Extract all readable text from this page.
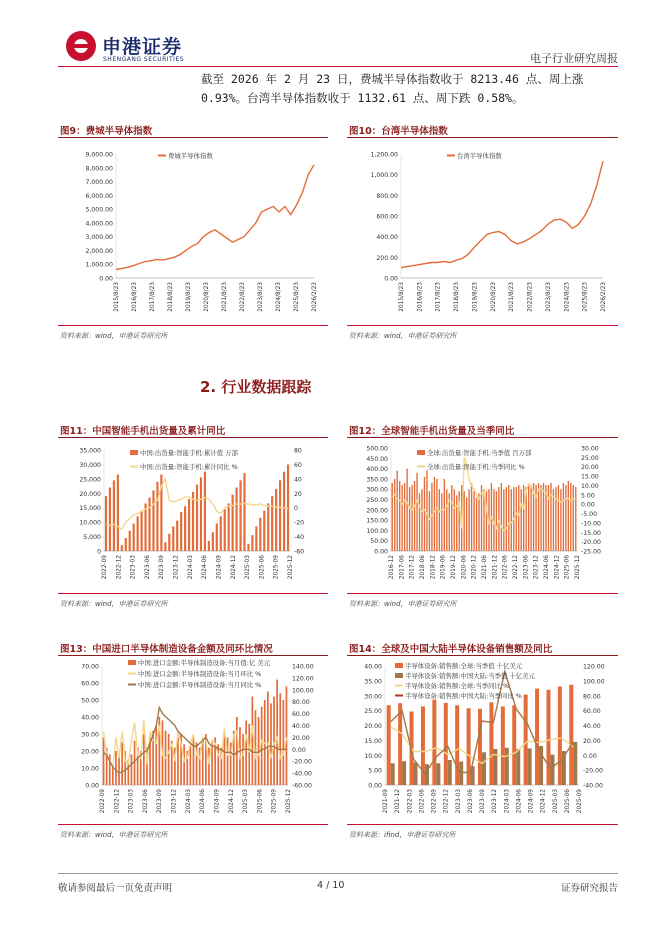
申港证券
SHENGANG SECURITIES	电子行业研究周报
截至 2026 年 2 月 23 日，费城半导体指数收于 8213.46 点、周上涨 0.93%。台湾半导体指数收于 1132.61 点、周下跌 0.58%。
图9：费城半导体指数
9,000.00
8,000.00
7,000.00
6,000.00
5,000.00
4,000.00
3,000.00
2,000.00
1,000.00
0.00
2015/8/23 2016/8/23 2017/8/23 2018/8/23 2019/8/23 2020/8/23 2021/8/23 2022/8/23 2023/8/23 2024/8/23 2025/8/23 2026/2/23
费城半导体指数
资料来源：wind，申港证券研究所
图10：台湾半导体指数
1,200.00
1,000.00
800.00
600.00
400.00
200.00
0.00
2015/8/23 2016/8/23 2017/8/23 2018/8/23 2019/8/23 2020/8/23 2021/8/23 2022/8/23 2023/8/23 2024/8/23 2025/8/23 2026/2/23
台湾半导体指数
资料来源：wind，申港证券研究所
2. 行业数据跟踪
图11：中国智能手机出货量及累计同比
35,000
30,000
25,000
20,000
15,000
10,000
5,000
0
80
60
40
20
0
-20
-40
-60
2022-09 2022-12 2023-03 2023-06 2023-09 2023-12 2024-03 2024-06 2024-09 2024-12 2025-03 2025-06 2025-09 2025-12
中国:出货量:智能手机:累计值 万部
中国:出货量:智能手机:累计同比 %
资料来源：wind，申港证券研究所
图12：全球智能手机出货量及当季同比
500.00
450.00
400.00
350.00
300.00
250.00
200.00
150.00
100.00
50.00
0.00
30.00
25.00
20.00
15.00
10.00
5.00
0.00
-5.00
-10.00
-15.00
-20.00
-25.00
2016-12 2017-06 2017-12 2018-06 2018-12 2019-06 2019-12 2020-06 2020-12 2021-06 2021-12 2022-06 2022-12 2023-06 2023-12 2024-06 2024-12 2025-06 2025-12
全球:出货量:智能手机:当季值 百万部
全球:出货量:智能手机:当季同比 %
资料来源：wind，申港证券研究所
图13：中国进口半导体制造设备金额及同环比情况
70.00
60.00
50.00
40.00
30.00
20.00
10.00
0.00
140.00
120.00
100.00
80.00
60.00
40.00
20.00
0.00
-20.00
-40.00
-60.00
2022-09 2022-12 2023-03 2023-06 2023-09 2023-12 2024-03 2024-06 2024-09 2024-12 2025-03 2025-06 2025-09 2025-12
中国:进口金额:半导体制造设备:当月值:亿 美元
中国:进口金额:半导体制造设备:当月环比 %
中国:进口金额:半导体制造设备:当月同比 %
资料来源：wind，申港证券研究所
图14：全球及中国大陆半导体设备销售额及同比
40.00
35.00
30.00
25.00
20.00
15.00
10.00
5.00
0.00
120.00
100.00
80.00
60.00
40.00
20.00
0.00
-20.00
-40.00
2021-09 2021-12 2022-03 2022-06 2022-09 2022-12 2023-03 2023-06 2023-09 2023-12 2024-03 2024-06 2024-09 2024-12 2025-03 2025-06 2025-09
半导体设备:销售额:全球:当季值 十亿美元
半导体设备:销售额:中国大陆:当季值 十亿美元
半导体设备:销售额:全球:当季同比 %
半导体设备:销售额:中国大陆:当季同比 %
资料来源：ifind，申港证券研究所
敬请参阅最后一页免责声明	4 / 10	证券研究报告
